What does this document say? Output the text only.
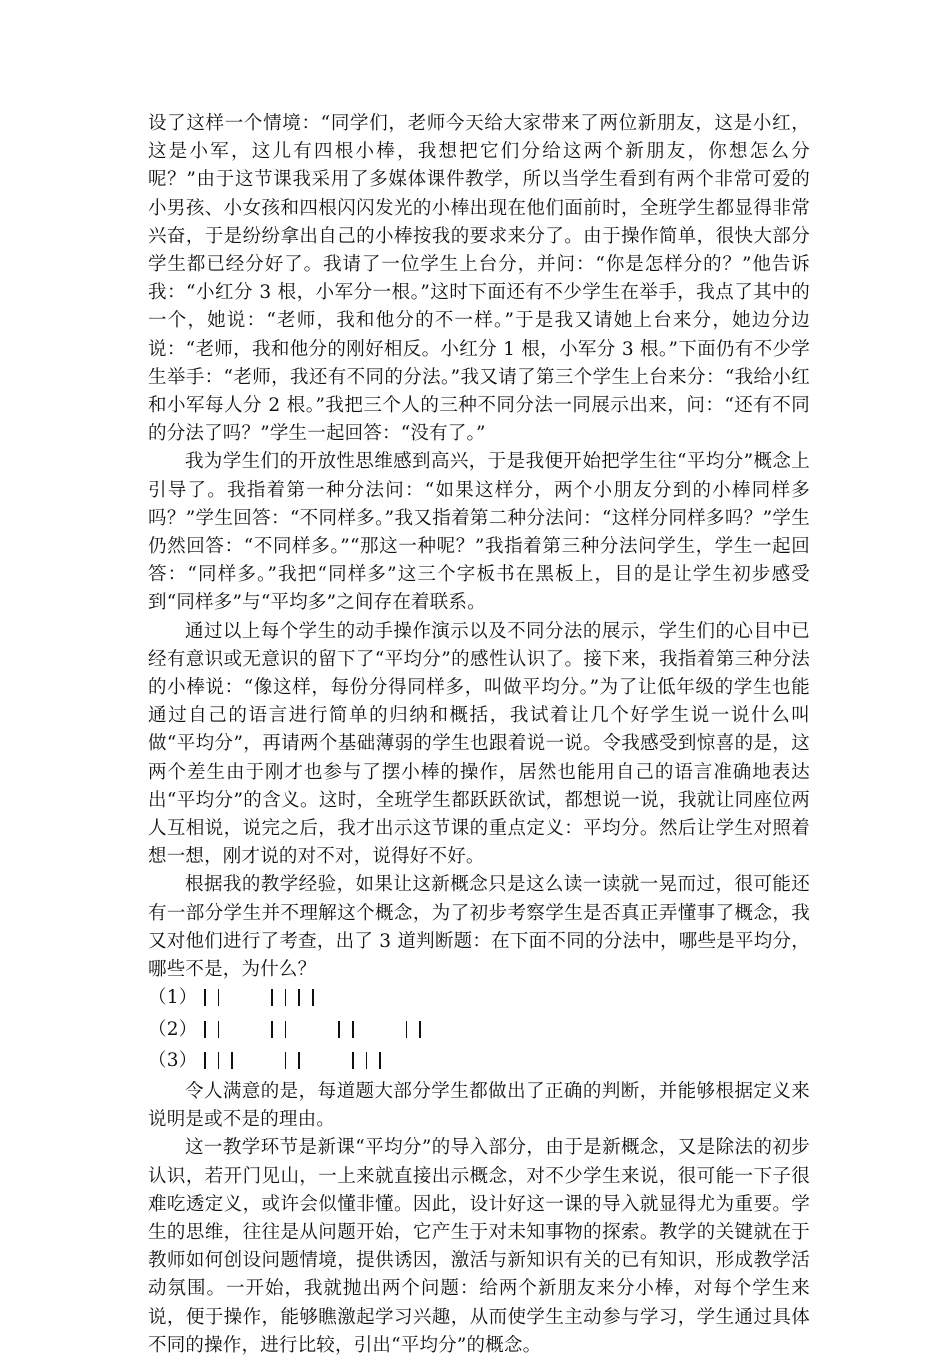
设了这样一个情境：“同学们，老师今天给大家带来了两位新朋友，这是小红，这是小军，这儿有四根小棒，我想把它们分给这两个新朋友，你想怎么分呢？”由于这节课我采用了多媒体课件教学，所以当学生看到有两个非常可爱的小男孩、小女孩和四根闪闪发光的小棒出现在他们面前时，全班学生都显得非常兴奋，于是纷纷拿出自己的小棒按我的要求来分了。由于操作简单，很快大部分学生都已经分好了。我请了一位学生上台分，并问：“你是怎样分的？”他告诉我：“小红分 3 根，小军分一根。”这时下面还有不少学生在举手，我点了其中的一个，她说：“老师，我和他分的不一样。”于是我又请她上台来分，她边分边说：“老师，我和他分的刚好相反。小红分 1 根，小军分 3 根。”下面仍有不少学生举手：“老师，我还有不同的分法。”我又请了第三个学生上台来分：“我给小红和小军每人分 2 根。”我把三个人的三种不同分法一同展示出来，问：“还有不同的分法了吗？”学生一起回答：“没有了。”

我为学生们的开放性思维感到高兴，于是我便开始把学生往“平均分”概念上引导了。我指着第一种分法问：“如果这样分，两个小朋友分到的小棒同样多吗？”学生回答：“不同样多。”我又指着第二种分法问：“这样分同样多吗？”学生仍然回答：“不同样多。”“那这一种呢？”我指着第三种分法问学生，学生一起回答：“同样多。”我把“同样多”这三个字板书在黑板上，目的是让学生初步感受到“同样多”与“平均多”之间存在着联系。

通过以上每个学生的动手操作演示以及不同分法的展示，学生们的心目中已经有意识或无意识的留下了“平均分”的感性认识了。接下来，我指着第三种分法的小棒说：“像这样，每份分得同样多，叫做平均分。”为了让低年级的学生也能通过自己的语言进行简单的归纳和概括，我试着让几个好学生说一说什么叫做“平均分”，再请两个基础薄弱的学生也跟着说一说。令我感受到惊喜的是，这两个差生由于刚才也参与了摆小棒的操作，居然也能用自己的语言准确地表达出“平均分”的含义。这时，全班学生都跃跃欲试，都想说一说，我就让同座位两人互相说，说完之后，我才出示这节课的重点定义：平均分。然后让学生对照着想一想，刚才说的对不对，说得好不好。

根据我的教学经验，如果让这新概念只是这么读一读就一晃而过，很可能还有一部分学生并不理解这个概念，为了初步考察学生是否真正弄懂事了概念，我又对他们进行了考查，出了 3 道判断题：在下面不同的分法中，哪些是平均分，哪些不是，为什么？

（1）
（2）
（3）

令人满意的是，每道题大部分学生都做出了正确的判断，并能够根据定义来说明是或不是的理由。

这一教学环节是新课“平均分”的导入部分，由于是新概念，又是除法的初步认识，若开门见山，一上来就直接出示概念，对不少学生来说，很可能一下子很难吃透定义，或许会似懂非懂。因此，设计好这一课的导入就显得尤为重要。学生的思维，往往是从问题开始，它产生于对未知事物的探索。教学的关键就在于教师如何创设问题情境，提供诱因，激活与新知识有关的已有知识，形成教学活动氛围。一开始，我就抛出两个问题：给两个新朋友来分小棒，对每个学生来说，便于操作，能够瞧激起学习兴趣，从而使学生主动参与学习，学生通过具体不同的操作，进行比较，引出“平均分”的概念。
